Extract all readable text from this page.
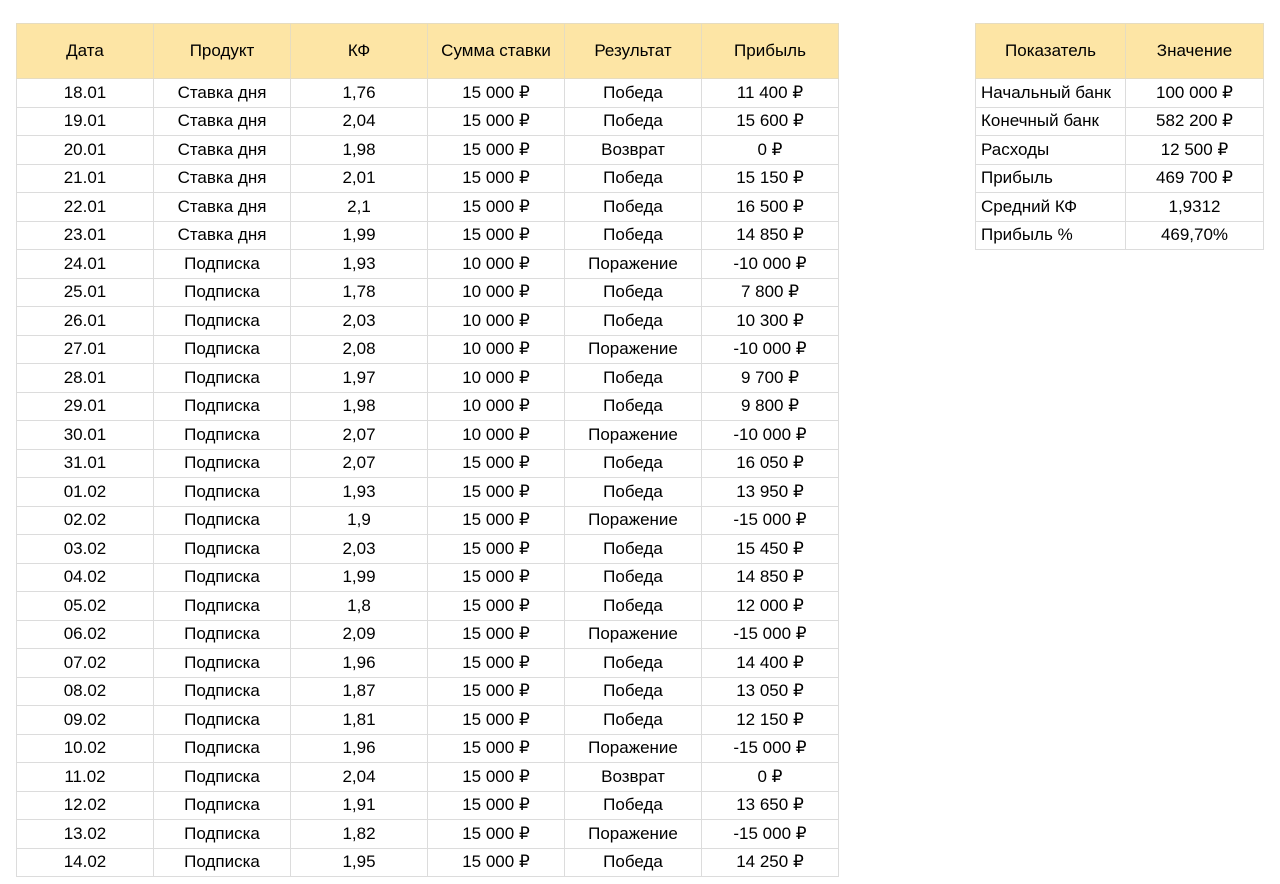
Дата	Продукт	КФ	Сумма ставки	Результат	Прибыль
18.01	Ставка дня	1,76	15 000 ₽	Победа	11 400 ₽
19.01	Ставка дня	2,04	15 000 ₽	Победа	15 600 ₽
20.01	Ставка дня	1,98	15 000 ₽	Возврат	0 ₽
21.01	Ставка дня	2,01	15 000 ₽	Победа	15 150 ₽
22.01	Ставка дня	2,1	15 000 ₽	Победа	16 500 ₽
23.01	Ставка дня	1,99	15 000 ₽	Победа	14 850 ₽
24.01	Подписка	1,93	10 000 ₽	Поражение	-10 000 ₽
25.01	Подписка	1,78	10 000 ₽	Победа	7 800 ₽
26.01	Подписка	2,03	10 000 ₽	Победа	10 300 ₽
27.01	Подписка	2,08	10 000 ₽	Поражение	-10 000 ₽
28.01	Подписка	1,97	10 000 ₽	Победа	9 700 ₽
29.01	Подписка	1,98	10 000 ₽	Победа	9 800 ₽
30.01	Подписка	2,07	10 000 ₽	Поражение	-10 000 ₽
31.01	Подписка	2,07	15 000 ₽	Победа	16 050 ₽
01.02	Подписка	1,93	15 000 ₽	Победа	13 950 ₽
02.02	Подписка	1,9	15 000 ₽	Поражение	-15 000 ₽
03.02	Подписка	2,03	15 000 ₽	Победа	15 450 ₽
04.02	Подписка	1,99	15 000 ₽	Победа	14 850 ₽
05.02	Подписка	1,8	15 000 ₽	Победа	12 000 ₽
06.02	Подписка	2,09	15 000 ₽	Поражение	-15 000 ₽
07.02	Подписка	1,96	15 000 ₽	Победа	14 400 ₽
08.02	Подписка	1,87	15 000 ₽	Победа	13 050 ₽
09.02	Подписка	1,81	15 000 ₽	Победа	12 150 ₽
10.02	Подписка	1,96	15 000 ₽	Поражение	-15 000 ₽
11.02	Подписка	2,04	15 000 ₽	Возврат	0 ₽
12.02	Подписка	1,91	15 000 ₽	Победа	13 650 ₽
13.02	Подписка	1,82	15 000 ₽	Поражение	-15 000 ₽
14.02	Подписка	1,95	15 000 ₽	Победа	14 250 ₽
Показатель	Значение
Начальный банк	100 000 ₽
Конечный банк	582 200 ₽
Расходы	12 500 ₽
Прибыль	469 700 ₽
Средний КФ	1,9312
Прибыль %	469,70%
